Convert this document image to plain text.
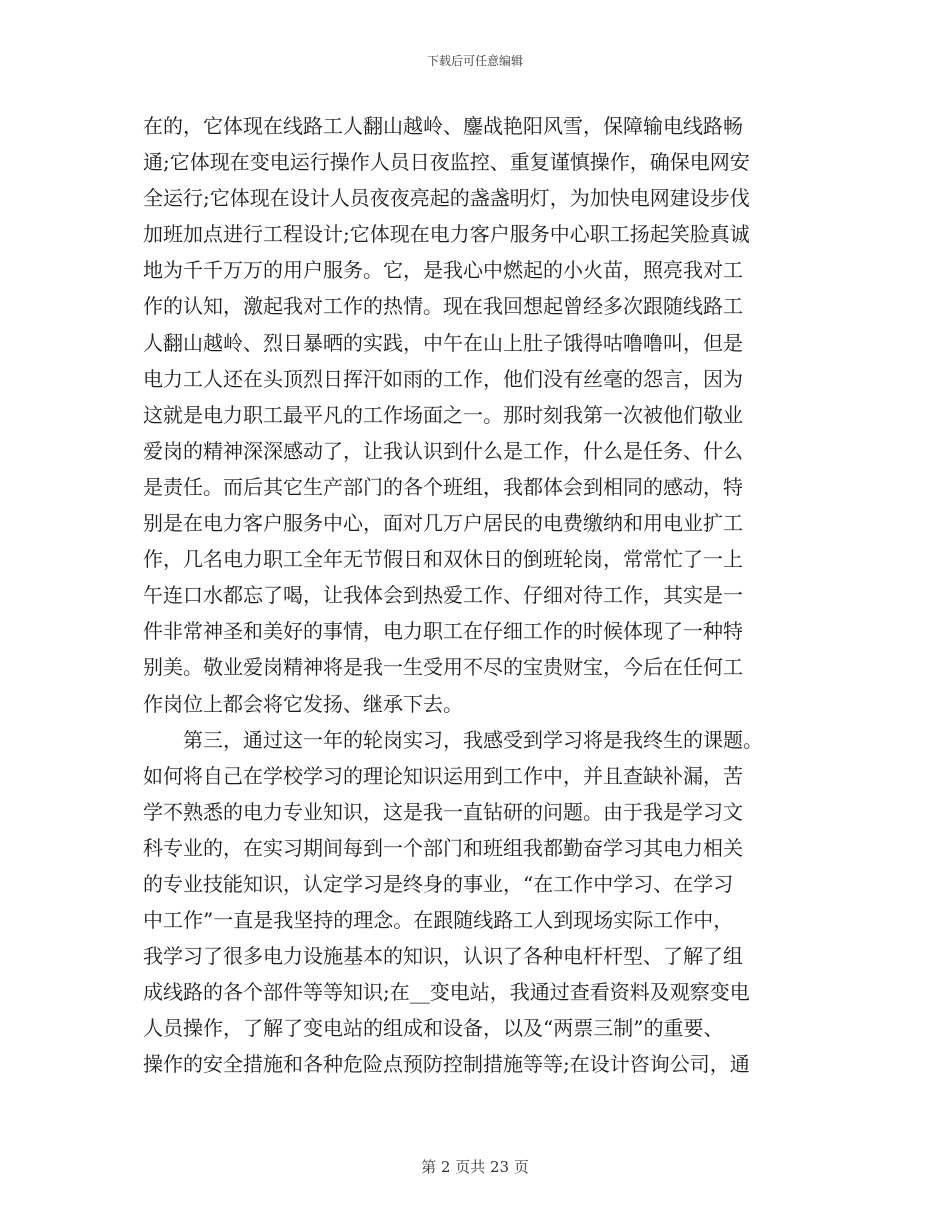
下载后可任意编辑
在的，它体现在线路工人翻山越岭、鏖战艳阳风雪，保障输电线路畅
通;它体现在变电运行操作人员日夜监控、重复谨慎操作，确保电网安
全运行;它体现在设计人员夜夜亮起的盏盏明灯，为加快电网建设步伐
加班加点进行工程设计;它体现在电力客户服务中心职工扬起笑脸真诚
地为千千万万的用户服务。它，是我心中燃起的小火苗，照亮我对工
作的认知，激起我对工作的热情。现在我回想起曾经多次跟随线路工
人翻山越岭、烈日暴晒的实践，中午在山上肚子饿得咕噜噜叫，但是
电力工人还在头顶烈日挥汗如雨的工作，他们没有丝毫的怨言，因为
这就是电力职工最平凡的工作场面之一。那时刻我第一次被他们敬业
爱岗的精神深深感动了，让我认识到什么是工作，什么是任务、什么
是责任。而后其它生产部门的各个班组，我都体会到相同的感动，特
别是在电力客户服务中心，面对几万户居民的电费缴纳和用电业扩工
作，几名电力职工全年无节假日和双休日的倒班轮岗，常常忙了一上
午连口水都忘了喝，让我体会到热爱工作、仔细对待工作，其实是一
件非常神圣和美好的事情，电力职工在仔细工作的时候体现了一种特
别美。敬业爱岗精神将是我一生受用不尽的宝贵财宝，今后在任何工
作岗位上都会将它发扬、继承下去。
第三，通过这一年的轮岗实习，我感受到学习将是我终生的课题。
如何将自己在学校学习的理论知识运用到工作中，并且查缺补漏，苦
学不熟悉的电力专业知识，这是我一直钻研的问题。由于我是学习文
科专业的，在实习期间每到一个部门和班组我都勤奋学习其电力相关
的专业技能知识，认定学习是终身的事业，“在工作中学习、在学习
中工作”一直是我坚持的理念。在跟随线路工人到现场实际工作中，
我学习了很多电力设施基本的知识，认识了各种电杆杆型、了解了组
成线路的各个部件等等知识;在__变电站，我通过查看资料及观察变电
人员操作，了解了变电站的组成和设备，以及“两票三制”的重要、
操作的安全措施和各种危险点预防控制措施等等;在设计咨询公司，通
第 2 页共 23 页
